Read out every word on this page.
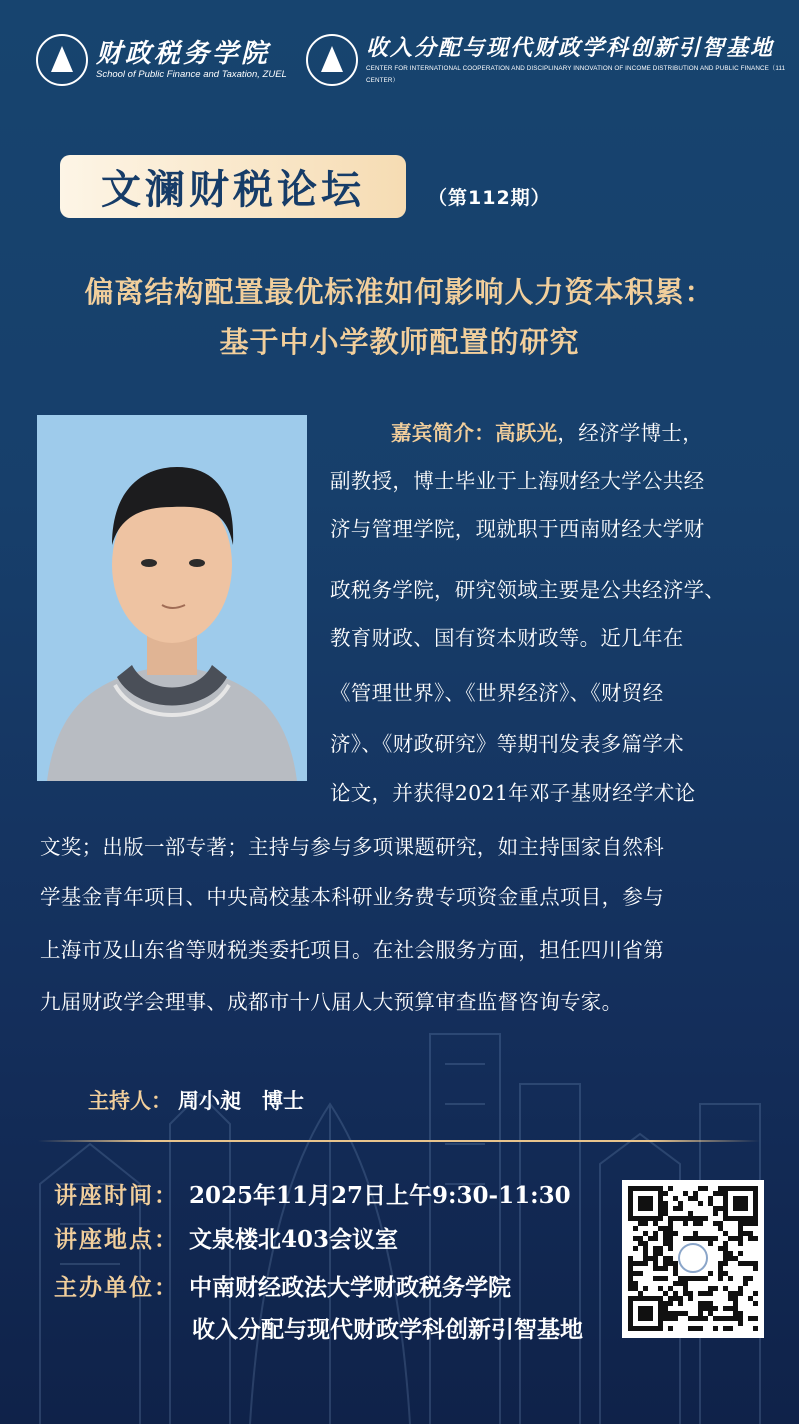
财政税务学院
School of Public Finance and Taxation, ZUEL
收入分配与现代财政学科创新引智基地
CENTER FOR INTERNATIONAL COOPERATION AND DISCIPLINARY INNOVATION OF INCOME DISTRIBUTION AND PUBLIC FINANCE（111 CENTER）
文澜财税论坛	（第112期）
偏离结构配置最优标准如何影响人力资本积累：
基于中小学教师配置的研究
嘉宾简介：高跃光，经济学博士，
副教授，博士毕业于上海财经大学公共经
济与管理学院，现就职于西南财经大学财
政税务学院，研究领域主要是公共经济学、
教育财政、国有资本财政等。近几年在
《管理世界》、《世界经济》、《财贸经
济》、《财政研究》等期刊发表多篇学术
论文，并获得2021年邓子基财经学术论
文奖；出版一部专著；主持与参与多项课题研究，如主持国家自然科
学基金青年项目、中央高校基本科研业务费专项资金重点项目，参与
上海市及山东省等财税类委托项目。在社会服务方面，担任四川省第
九届财政学会理事、成都市十八届人大预算审查监督咨询专家。
主持人： 周小昶　博士
讲座时间： 2025年11月27日上午9:30-11:30
讲座地点： 文泉楼北403会议室
主办单位： 中南财经政法大学财政税务学院
收入分配与现代财政学科创新引智基地
